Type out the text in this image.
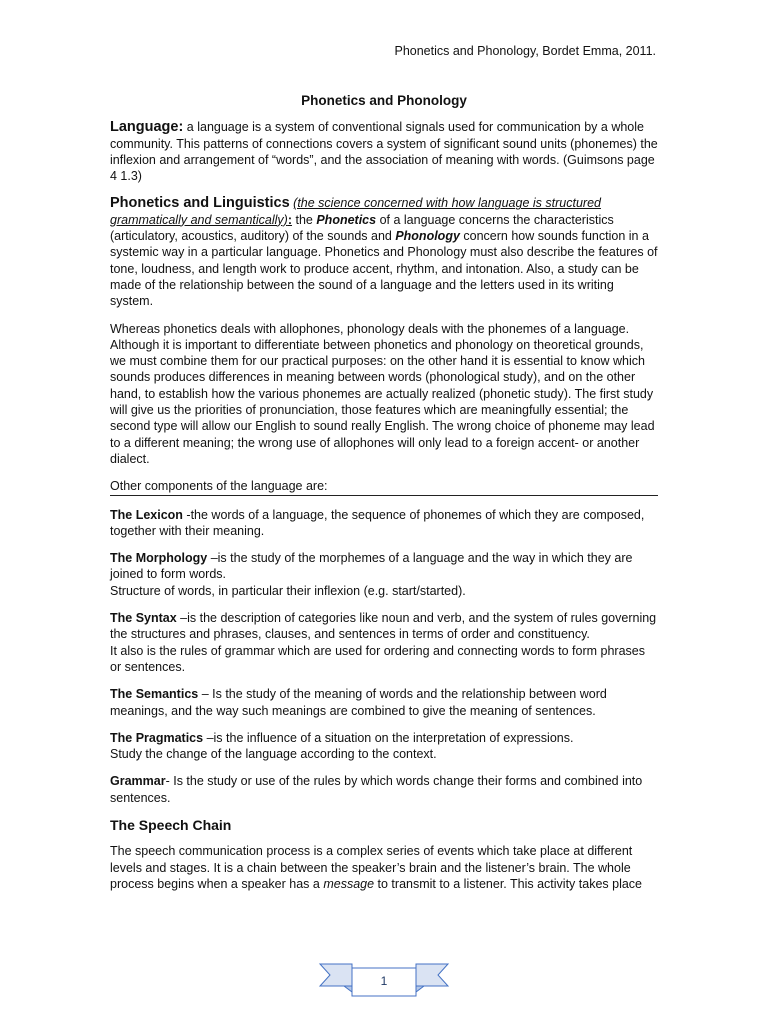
Phonetics and Phonology, Bordet Emma, 2011.
Phonetics and Phonology

Language: a language is a system of conventional signals used for communication by a whole community. This patterns of connections covers a system of significant sound units (phonemes) the inflexion and arrangement of “words”, and the association of meaning with words. (Guimsons page 4 1.3)

Phonetics and Linguistics (the science concerned with how language is structured grammatically and semantically): the Phonetics of a language concerns the characteristics (articulatory, acoustics, auditory) of the sounds and Phonology concern how sounds function in a systemic way in a particular language. Phonetics and Phonology must also describe the features of tone, loudness, and length work to produce accent, rhythm, and intonation. Also, a study can be made of the relationship between the sound of a language and the letters used in its writing system.

Whereas phonetics deals with allophones, phonology deals with the phonemes of a language. Although it is important to differentiate between phonetics and phonology on theoretical grounds, we must combine them for our practical purposes: on the other hand it is essential to know which sounds produces differences in meaning between words (phonological study), and on the other hand, to establish how the various phonemes are actually realized (phonetic study). The first study will give us the priorities of pronunciation, those features which are meaningfully essential; the second type will allow our English to sound really English. The wrong choice of phoneme may lead to a different meaning; the wrong use of allophones will only lead to a foreign accent- or another dialect.

Other components of the language are:

The Lexicon -the words of a language, the sequence of phonemes of which they are composed, together with their meaning.

The Morphology –is the study of the morphemes of a language and the way in which they are joined to form words.
Structure of words, in particular their inflexion (e.g. start/started).

The Syntax –is the description of categories like noun and verb, and the system of rules governing the structures and phrases, clauses, and sentences in terms of order and constituency.
It also is the rules of grammar which are used for ordering and connecting words to form phrases or sentences.

The Semantics – Is the study of the meaning of words and the relationship between word meanings, and the way such meanings are combined to give the meaning of sentences.

The Pragmatics –is the influence of a situation on the interpretation of expressions.
Study the change of the language according to the context.

Grammar- Is the study or use of the rules by which words change their forms and combined into sentences.

The Speech Chain

The speech communication process is a complex series of events which take place at different levels and stages. It is a chain between the speaker’s brain and the listener’s brain. The whole process begins when a speaker has a message to transmit to a listener. This activity takes place

1
